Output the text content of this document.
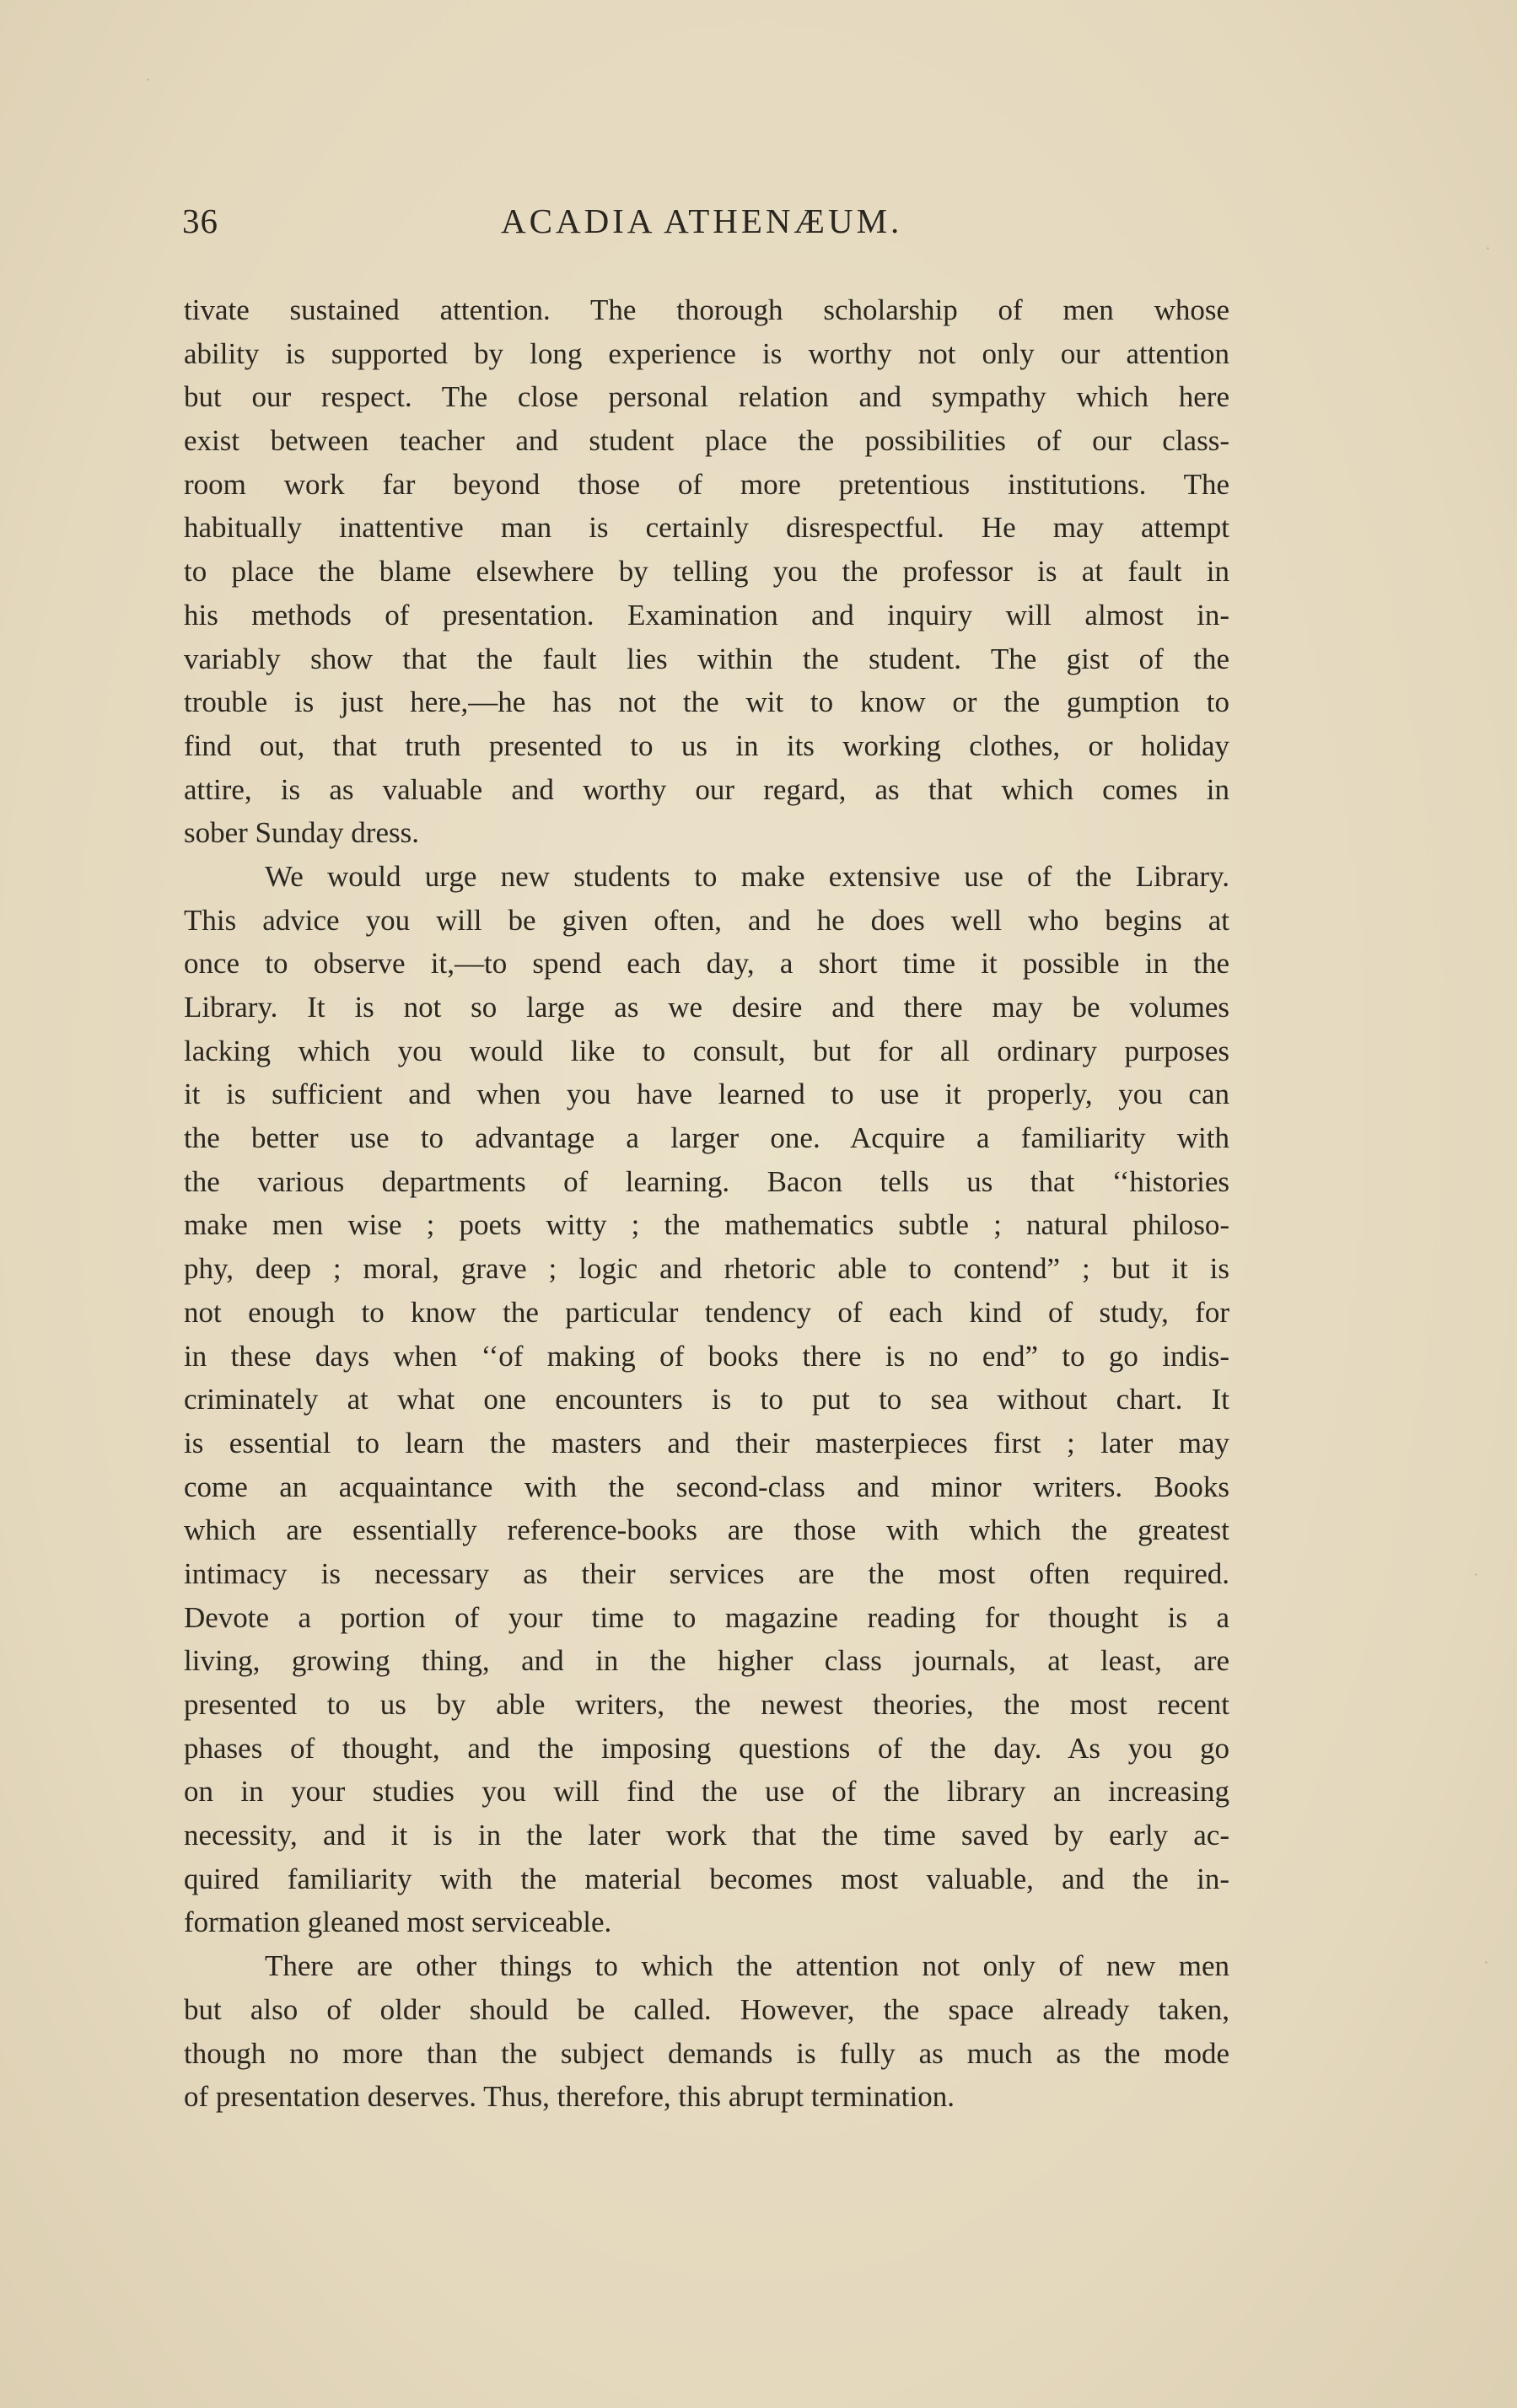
36	ACADIA ATHENÆUM.
tivate sustained attention. The thorough scholarship of men whose
ability is supported by long experience is worthy not only our attention
but our respect. The close personal relation and sympathy which here
exist between teacher and student place the possibilities of our class-
room work far beyond those of more pretentious institutions. The
habitually inattentive man is certainly disrespectful. He may attempt
to place the blame elsewhere by telling you the professor is at fault in
his methods of presentation. Examination and inquiry will almost in-
variably show that the fault lies within the student. The gist of the
trouble is just here,—he has not the wit to know or the gumption to
find out, that truth presented to us in its working clothes, or holiday
attire, is as valuable and worthy our regard, as that which comes in
sober Sunday dress.
We would urge new students to make extensive use of the Library.
This advice you will be given often, and he does well who begins at
once to observe it,—to spend each day, a short time it possible in the
Library. It is not so large as we desire and there may be volumes
lacking which you would like to consult, but for all ordinary purposes
it is sufficient and when you have learned to use it properly, you can
the better use to advantage a larger one. Acquire a familiarity with
the various departments of learning. Bacon tells us that ‘‘histories
make men wise ; poets witty ; the mathematics subtle ; natural philoso-
phy, deep ; moral, grave ; logic and rhetoric able to contend” ; but it is
not enough to know the particular tendency of each kind of study, for
in these days when ‘‘of making of books there is no end” to go indis-
criminately at what one encounters is to put to sea without chart. It
is essential to learn the masters and their masterpieces first ; later may
come an acquaintance with the second-class and minor writers. Books
which are essentially reference-books are those with which the greatest
intimacy is necessary as their services are the most often required.
Devote a portion of your time to magazine reading for thought is a
living, growing thing, and in the higher class journals, at least, are
presented to us by able writers, the newest theories, the most recent
phases of thought, and the imposing questions of the day. As you go
on in your studies you will find the use of the library an increasing
necessity, and it is in the later work that the time saved by early ac-
quired familiarity with the material becomes most valuable, and the in-
formation gleaned most serviceable.
There are other things to which the attention not only of new men
but also of older should be called. However, the space already taken,
though no more than the subject demands is fully as much as the mode
of presentation deserves. Thus, therefore, this abrupt termination.
·
·
·
·
